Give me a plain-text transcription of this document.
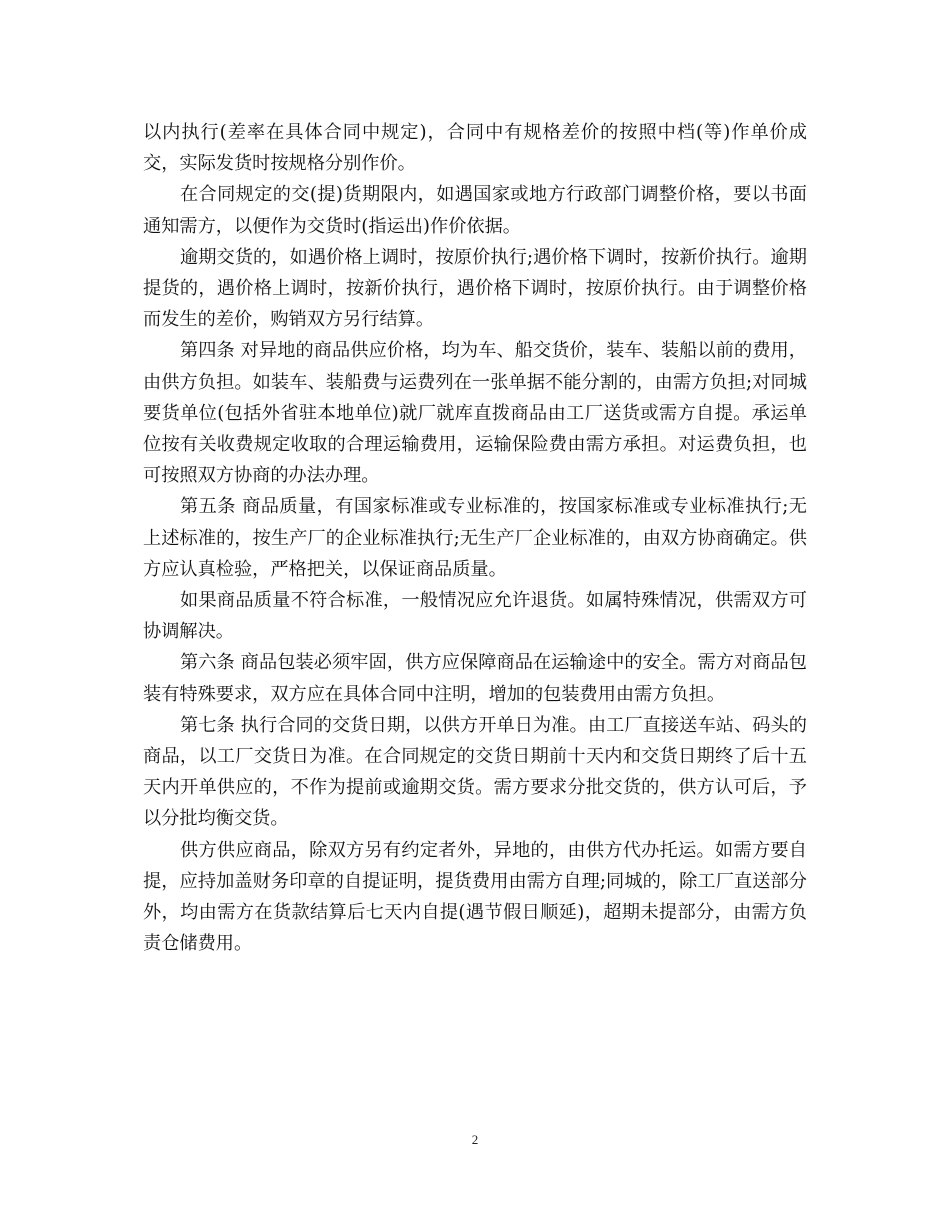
以内执行(差率在具体合同中规定)，合同中有规格差价的按照中档(等)作单价成交，实际发货时按规格分别作价。

在合同规定的交(提)货期限内，如遇国家或地方行政部门调整价格，要以书面通知需方，以便作为交货时(指运出)作价依据。

逾期交货的，如遇价格上调时，按原价执行;遇价格下调时，按新价执行。逾期提货的，遇价格上调时，按新价执行，遇价格下调时，按原价执行。由于调整价格而发生的差价，购销双方另行结算。

第四条 对异地的商品供应价格，均为车、船交货价，装车、装船以前的费用，由供方负担。如装车、装船费与运费列在一张单据不能分割的，由需方负担;对同城要货单位(包括外省驻本地单位)就厂就库直拨商品由工厂送货或需方自提。承运单位按有关收费规定收取的合理运输费用，运输保险费由需方承担。对运费负担，也可按照双方协商的办法办理。

第五条 商品质量，有国家标准或专业标准的，按国家标准或专业标准执行;无上述标准的，按生产厂的企业标准执行;无生产厂企业标准的，由双方协商确定。供方应认真检验，严格把关，以保证商品质量。

如果商品质量不符合标准，一般情况应允许退货。如属特殊情况，供需双方可协调解决。

第六条 商品包装必须牢固，供方应保障商品在运输途中的安全。需方对商品包装有特殊要求，双方应在具体合同中注明，增加的包装费用由需方负担。

第七条 执行合同的交货日期，以供方开单日为准。由工厂直接送车站、码头的商品，以工厂交货日为准。在合同规定的交货日期前十天内和交货日期终了后十五天内开单供应的，不作为提前或逾期交货。需方要求分批交货的，供方认可后，予以分批均衡交货。

供方供应商品，除双方另有约定者外，异地的，由供方代办托运。如需方要自提，应持加盖财务印章的自提证明，提货费用由需方自理;同城的，除工厂直送部分外，均由需方在货款结算后七天内自提(遇节假日顺延)，超期未提部分，由需方负责仓储费用。

2
